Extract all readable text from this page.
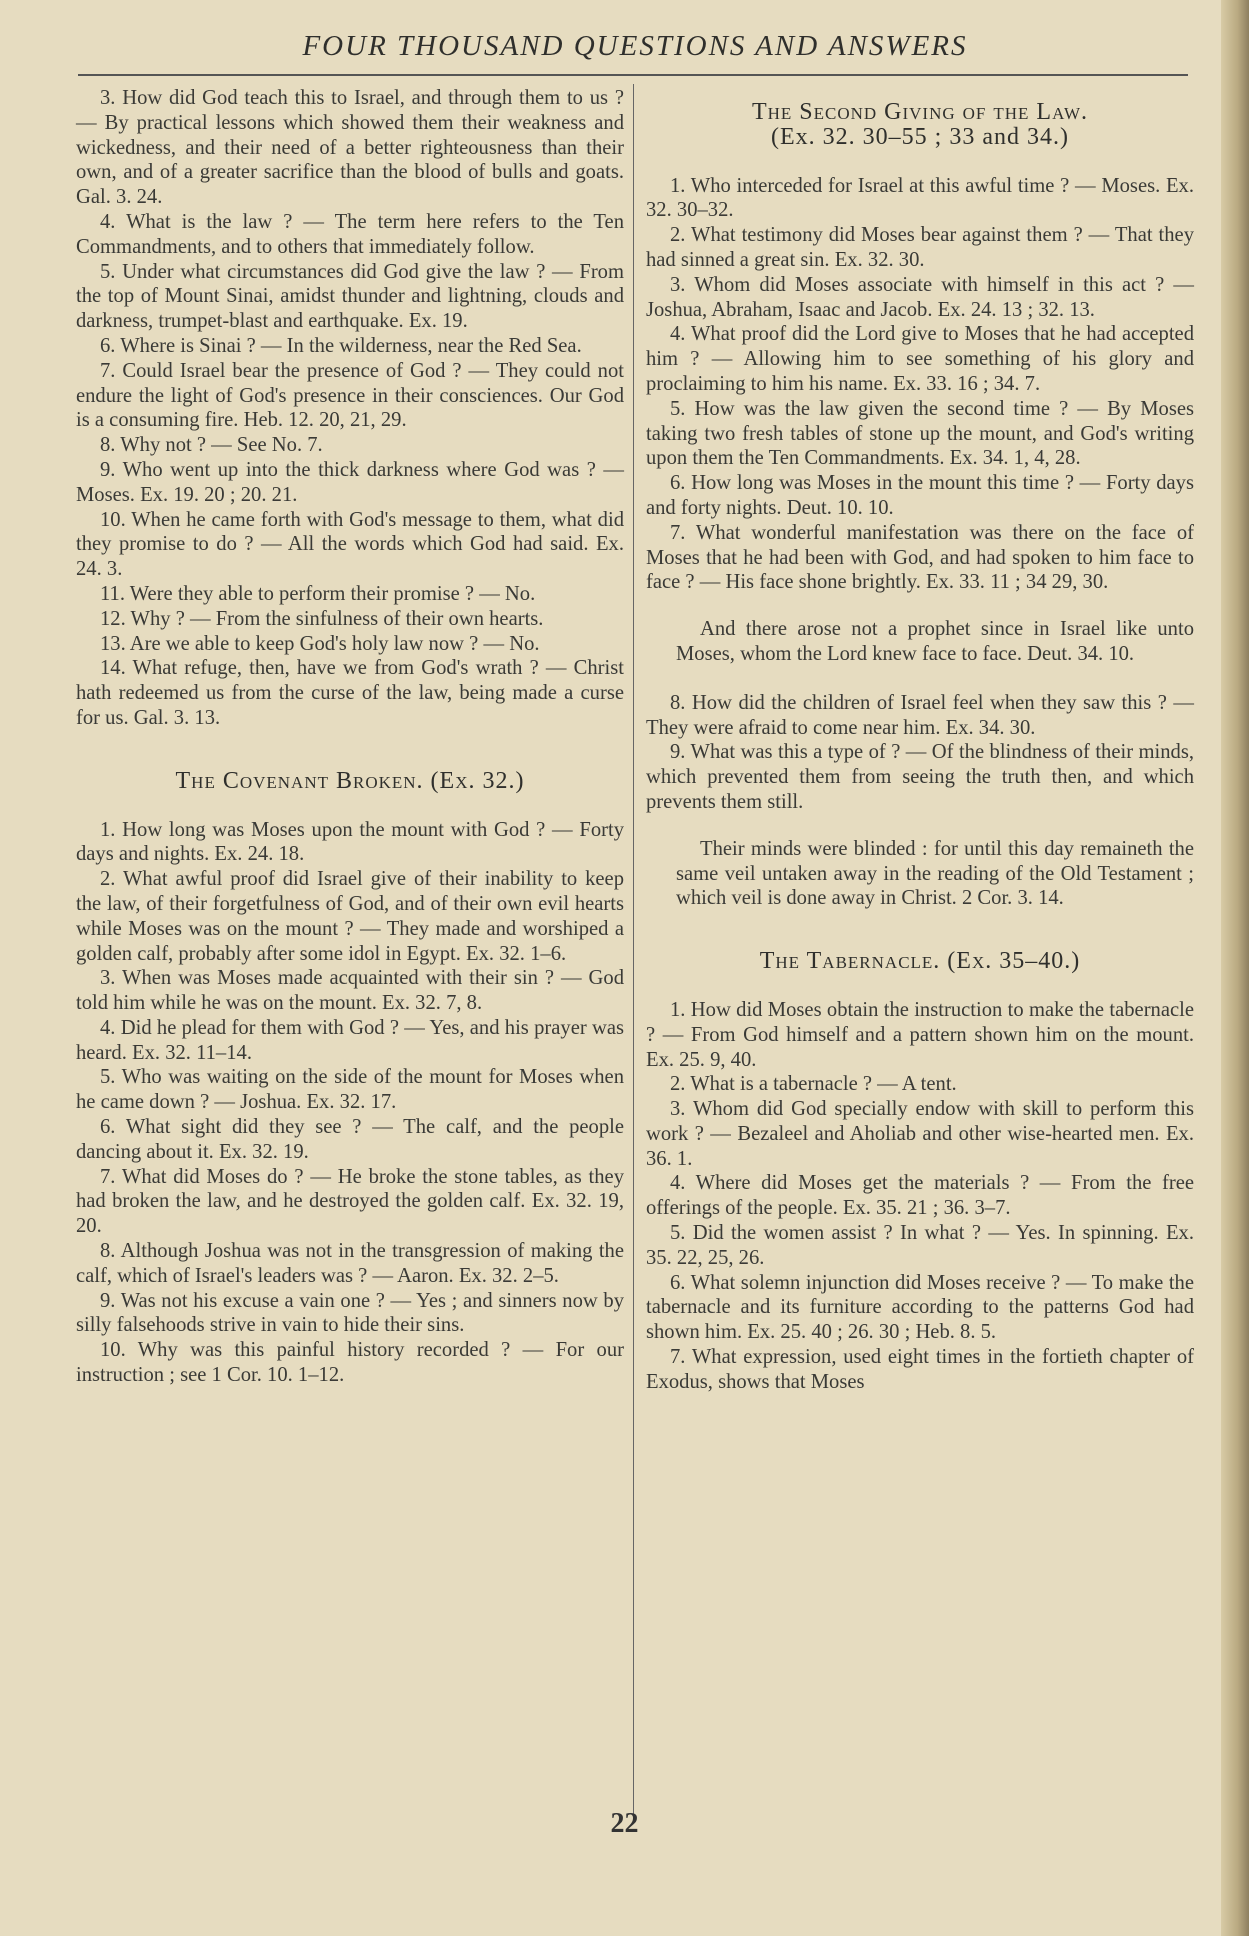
FOUR THOUSAND QUESTIONS AND ANSWERS

3. How did God teach this to Israel, and through them to us ? — By practical lessons which showed them their weakness and wickedness, and their need of a better righteousness than their own, and of a greater sacrifice than the blood of bulls and goats. Gal. 3. 24.

4. What is the law ? — The term here refers to the Ten Commandments, and to others that immediately follow.

5. Under what circumstances did God give the law ? — From the top of Mount Sinai, amidst thunder and lightning, clouds and darkness, trumpet-blast and earthquake. Ex. 19.

6. Where is Sinai ? — In the wilderness, near the Red Sea.

7. Could Israel bear the presence of God ? — They could not endure the light of God's presence in their consciences. Our God is a consuming fire. Heb. 12. 20, 21, 29.

8. Why not ? — See No. 7.

9. Who went up into the thick darkness where God was ? — Moses. Ex. 19. 20 ; 20. 21.

10. When he came forth with God's message to them, what did they promise to do ? — All the words which God had said. Ex. 24. 3.

11. Were they able to perform their promise ? — No.

12. Why ? — From the sinfulness of their own hearts.

13. Are we able to keep God's holy law now ? — No.

14. What refuge, then, have we from God's wrath ? — Christ hath redeemed us from the curse of the law, being made a curse for us. Gal. 3. 13.

The Covenant Broken. (Ex. 32.)

1. How long was Moses upon the mount with God ? — Forty days and nights. Ex. 24. 18.

2. What awful proof did Israel give of their inability to keep the law, of their forgetfulness of God, and of their own evil hearts while Moses was on the mount ? — They made and worshiped a golden calf, probably after some idol in Egypt. Ex. 32. 1–6.

3. When was Moses made acquainted with their sin ? — God told him while he was on the mount. Ex. 32. 7, 8.

4. Did he plead for them with God ? — Yes, and his prayer was heard. Ex. 32. 11–14.

5. Who was waiting on the side of the mount for Moses when he came down ? — Joshua. Ex. 32. 17.

6. What sight did they see ? — The calf, and the people dancing about it. Ex. 32. 19.

7. What did Moses do ? — He broke the stone tables, as they had broken the law, and he destroyed the golden calf. Ex. 32. 19, 20.

8. Although Joshua was not in the transgression of making the calf, which of Israel's leaders was ? — Aaron. Ex. 32. 2–5.

9. Was not his excuse a vain one ? — Yes ; and sinners now by silly falsehoods strive in vain to hide their sins.

10. Why was this painful history recorded ? — For our instruction ; see 1 Cor. 10. 1–12.

The Second Giving of the Law.
(Ex. 32. 30–55 ; 33 and 34.)

1. Who interceded for Israel at this awful time ? — Moses. Ex. 32. 30–32.

2. What testimony did Moses bear against them ? — That they had sinned a great sin. Ex. 32. 30.

3. Whom did Moses associate with himself in this act ? — Joshua, Abraham, Isaac and Jacob. Ex. 24. 13 ; 32. 13.

4. What proof did the Lord give to Moses that he had accepted him ? — Allowing him to see something of his glory and proclaiming to him his name. Ex. 33. 16 ; 34. 7.

5. How was the law given the second time ? — By Moses taking two fresh tables of stone up the mount, and God's writing upon them the Ten Commandments. Ex. 34. 1, 4, 28.

6. How long was Moses in the mount this time ? — Forty days and forty nights. Deut. 10. 10.

7. What wonderful manifestation was there on the face of Moses that he had been with God, and had spoken to him face to face ? — His face shone brightly. Ex. 33. 11 ; 34 29, 30.

And there arose not a prophet since in Israel like unto Moses, whom the Lord knew face to face. Deut. 34. 10.

8. How did the children of Israel feel when they saw this ? — They were afraid to come near him. Ex. 34. 30.

9. What was this a type of ? — Of the blindness of their minds, which prevented them from seeing the truth then, and which prevents them still.

Their minds were blinded : for until this day remaineth the same veil untaken away in the reading of the Old Testament ; which veil is done away in Christ. 2 Cor. 3. 14.

The Tabernacle. (Ex. 35–40.)

1. How did Moses obtain the instruction to make the tabernacle ? — From God himself and a pattern shown him on the mount. Ex. 25. 9, 40.

2. What is a tabernacle ? — A tent.

3. Whom did God specially endow with skill to perform this work ? — Bezaleel and Aholiab and other wise-hearted men. Ex. 36. 1.

4. Where did Moses get the materials ? — From the free offerings of the people. Ex. 35. 21 ; 36. 3–7.

5. Did the women assist ? In what ? — Yes. In spinning. Ex. 35. 22, 25, 26.

6. What solemn injunction did Moses receive ? — To make the tabernacle and its furniture according to the patterns God had shown him. Ex. 25. 40 ; 26. 30 ; Heb. 8. 5.

7. What expression, used eight times in the fortieth chapter of Exodus, shows that Moses

22
